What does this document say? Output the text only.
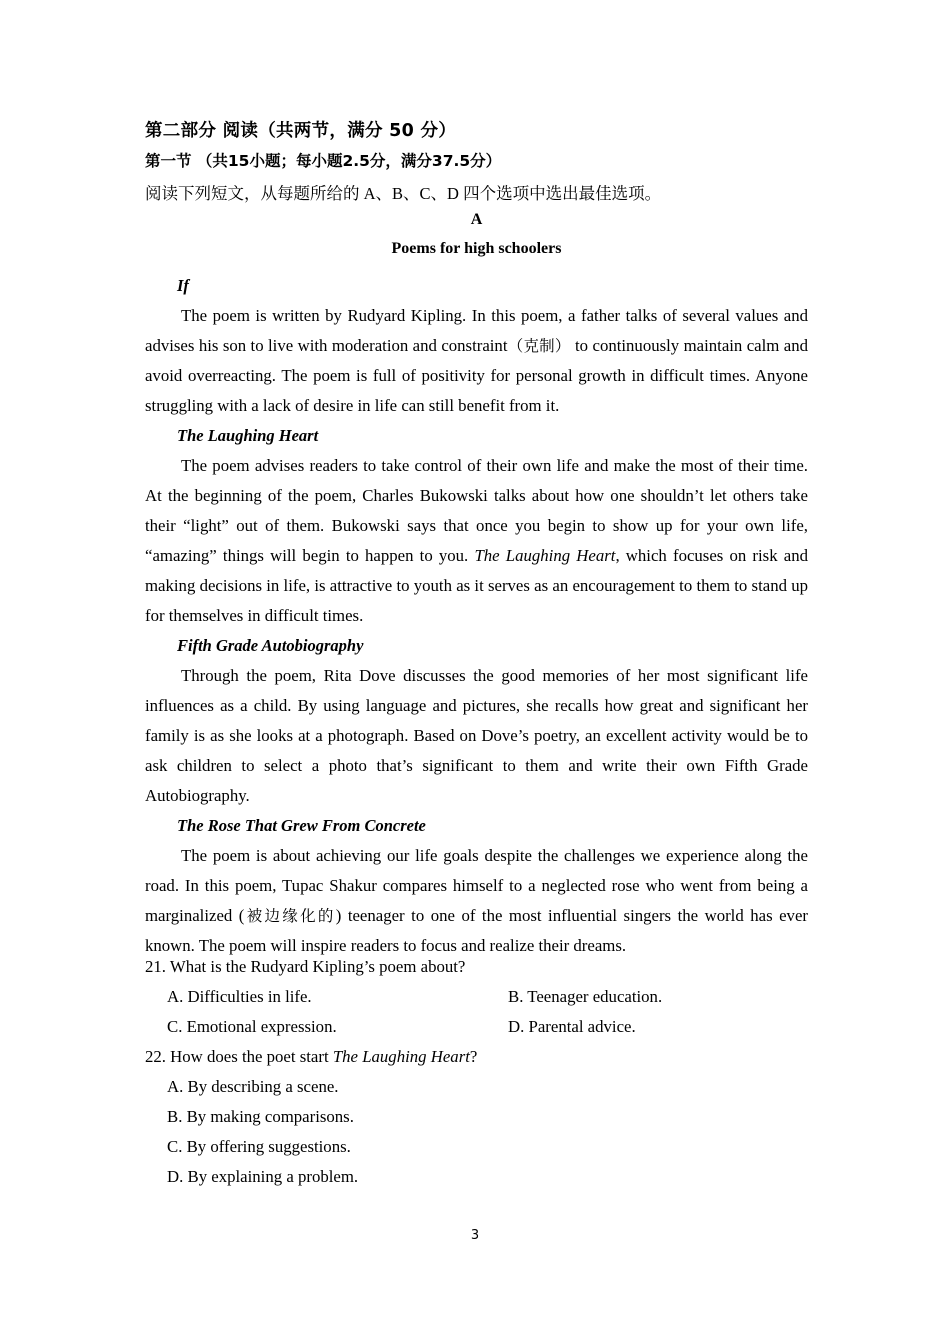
第二部分 阅读（共两节，满分 50 分）
第一节 （共15小题；每小题2.5分，满分37.5分）
阅读下列短文，从每题所给的 A、B、C、D 四个选项中选出最佳选项。
A
Poems for high schoolers
If

The poem is written by Rudyard Kipling. In this poem, a father talks of several values and advises his son to live with moderation and constraint（克制） to continuously maintain calm and avoid overreacting. The poem is full of positivity for personal growth in difficult times. Anyone struggling with a lack of desire in life can still benefit from it.

The Laughing Heart

The poem advises readers to take control of their own life and make the most of their time. At the beginning of the poem, Charles Bukowski talks about how one shouldn’t let others take their “light” out of them. Bukowski says that once you begin to show up for your own life, “amazing” things will begin to happen to you. The Laughing Heart, which focuses on risk and making decisions in life, is attractive to youth as it serves as an encouragement to them to stand up for themselves in difficult times.

Fifth Grade Autobiography

Through the poem, Rita Dove discusses the good memories of her most significant life influences as a child. By using language and pictures, she recalls how great and significant her family is as she looks at a photograph. Based on Dove’s poetry, an excellent activity would be to ask children to select a photo that’s significant to them and write their own Fifth Grade Autobiography.

The Rose That Grew From Concrete

The poem is about achieving our life goals despite the challenges we experience along the road. In this poem, Tupac Shakur compares himself to a neglected rose who went from being a marginalized (被边缘化的) teenager to one of the most influential singers the world has ever known. The poem will inspire readers to focus and realize their dreams.

21. What is the Rudyard Kipling’s poem about?
A. Difficulties in life.	B. Teenager education.
C. Emotional expression.	D. Parental advice.
22. How does the poet start The Laughing Heart?
A. By describing a scene.
B. By making comparisons.
C. By offering suggestions.
D. By explaining a problem.
3
